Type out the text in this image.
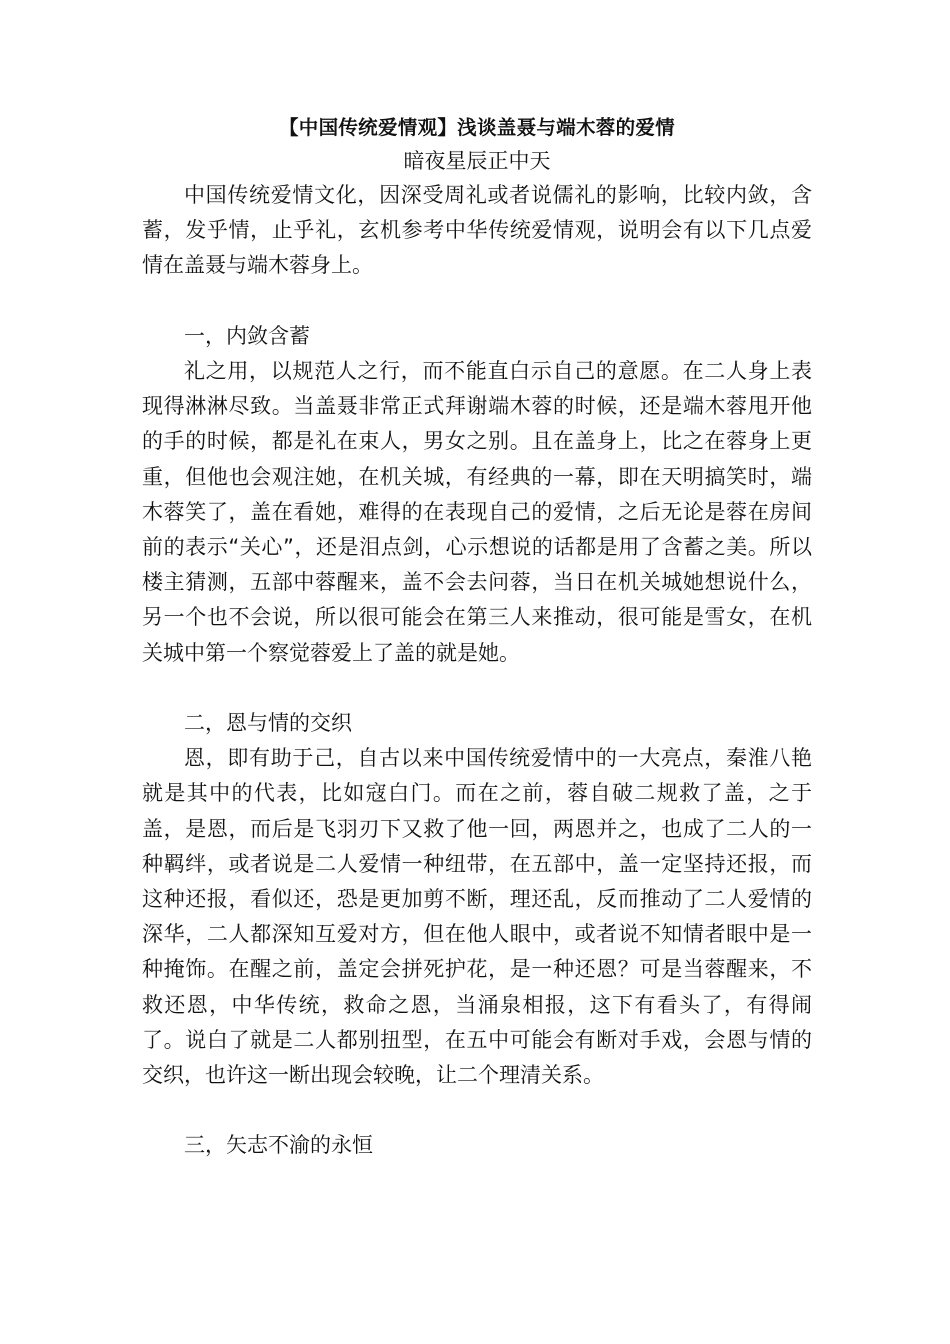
【中国传统爱情观】浅谈盖聂与端木蓉的爱情

暗夜星辰正中天

中国传统爱情文化，因深受周礼或者说儒礼的影响，比较内敛，含蓄，发乎情，止乎礼，玄机参考中华传统爱情观，说明会有以下几点爱情在盖聂与端木蓉身上。

一，内敛含蓄

礼之用，以规范人之行，而不能直白示自己的意愿。在二人身上表现得淋淋尽致。当盖聂非常正式拜谢端木蓉的时候，还是端木蓉甩开他的手的时候，都是礼在束人，男女之别。且在盖身上，比之在蓉身上更重，但他也会观注她，在机关城，有经典的一幕，即在天明搞笑时，端木蓉笑了，盖在看她，难得的在表现自己的爱情，之后无论是蓉在房间前的表示“关心”，还是泪点剑，心示想说的话都是用了含蓄之美。所以楼主猜测，五部中蓉醒来，盖不会去问蓉，当日在机关城她想说什么，另一个也不会说，所以很可能会在第三人来推动，很可能是雪女，在机关城中第一个察觉蓉爱上了盖的就是她。

二，恩与情的交织

恩，即有助于己，自古以来中国传统爱情中的一大亮点，秦淮八艳就是其中的代表，比如寇白门。而在之前，蓉自破二规救了盖，之于盖，是恩，而后是飞羽刃下又救了他一回，两恩并之，也成了二人的一种羁绊，或者说是二人爱情一种纽带，在五部中，盖一定坚持还报，而这种还报，看似还，恐是更加剪不断，理还乱，反而推动了二人爱情的深华，二人都深知互爱对方，但在他人眼中，或者说不知情者眼中是一种掩饰。在醒之前，盖定会拼死护花，是一种还恩？可是当蓉醒来，不救还恩，中华传统，救命之恩，当涌泉相报，这下有看头了，有得闹了。说白了就是二人都别扭型，在五中可能会有断对手戏，会恩与情的交织，也许这一断出现会较晚，让二个理清关系。

三，矢志不渝的永恒
